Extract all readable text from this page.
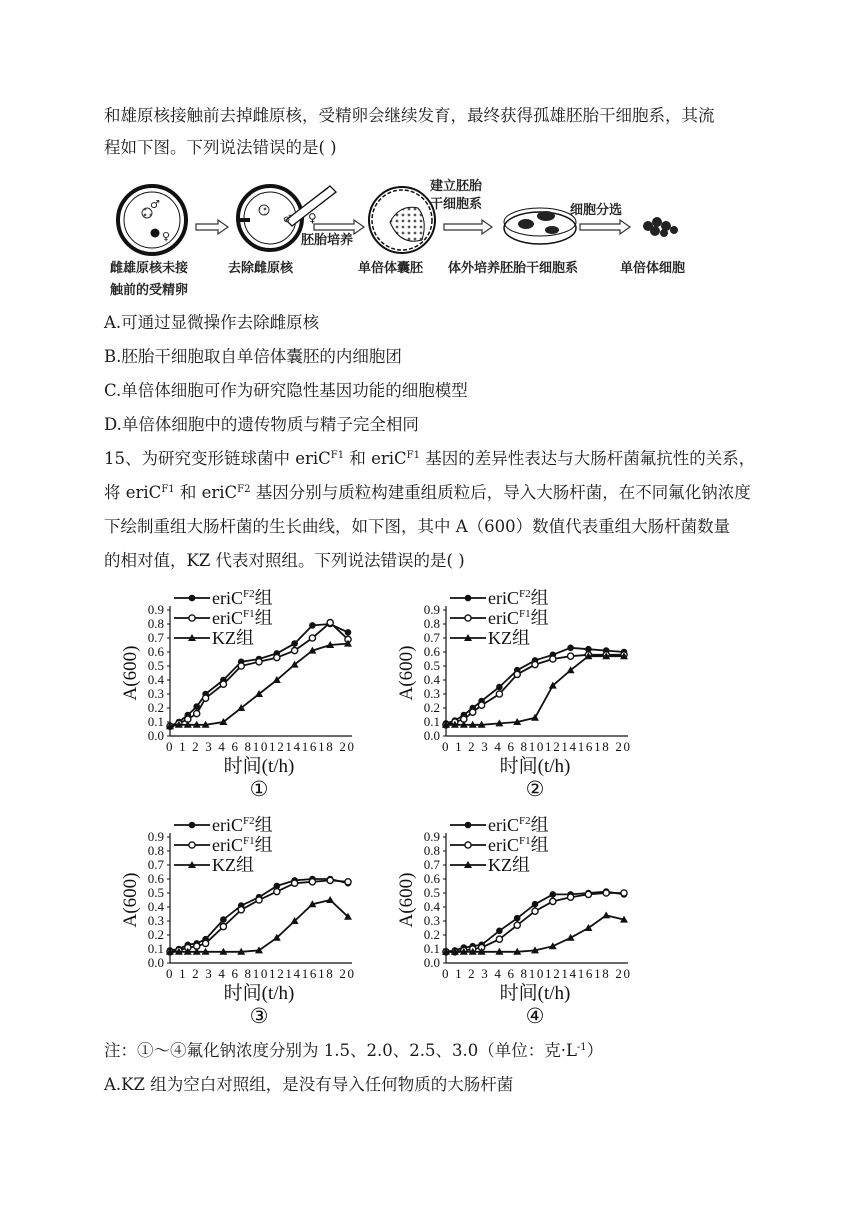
和雄原核接触前去掉雌原核，受精卵会继续发育，最终获得孤雄胚胎干细胞系，其流
程如下图。下列说法错误的是( )
♂
♀
♂ ♀
胚胎培养
建立胚胎
干细胞系	细胞分选
雌雄原核未接
触前的受精卵
去除雌原核	单倍体囊胚 体外培养胚胎干细胞系	单倍体细胞
A.可通过显微操作去除雌原核
B.胚胎干细胞取自单倍体囊胚的内细胞团
C.单倍体细胞可作为研究隐性基因功能的细胞模型
D.单倍体细胞中的遗传物质与精子完全相同
15、为研究变形链球菌中 eriC$^{F1}$ 和 eriC$^{F1}$ 基因的差异性表达与大肠杆菌氟抗性的关系，
将 eriC$^{F1}$ 和 eriC$^{F2}$ 基因分别与质粒构建重组质粒后，导入大肠杆菌，在不同氟化钠浓度
下绘制重组大肠杆菌的生长曲线，如下图，其中 A（600）数值代表重组大肠杆菌数量
的相对值，KZ 代表对照组。下列说法错误的是( )
0.0
0.1
0.2
0.3
0.4
0.5
0.6
0.7
0.8
0.9
0 1 2 3 4 6 81012141618 20
A(600)
时间(t/h)
①
eriC$^{F2}$组
eriC$^{F1}$组
KZ组
0.0
0.1
0.2
0.3
0.4
0.5
0.6
0.7
0.8
0.9
0 1 2 3 4 6 81012141618 20
A(600)
时间(t/h)
②
eriC$^{F2}$组
eriC$^{F1}$组
KZ组
0.0
0.1
0.2
0.3
0.4
0.5
0.6
0.7
0.8
0.9
0 1 2 3 4 6 81012141618 20
A(600)
时间(t/h)
③
eriC$^{F2}$组
eriC$^{F1}$组
KZ组
0.0
0.1
0.2
0.3
0.4
0.5
0.6
0.7
0.8
0.9
0 1 2 3 4 6 81012141618 20
A(600)
时间(t/h)
④
eriC$^{F2}$组
eriC$^{F1}$组
KZ组
注：①～④氟化钠浓度分别为 1.5、2.0、2.5、3.0（单位：克$\cdot L^{-1}$）
A.KZ 组为空白对照组，是没有导入任何物质的大肠杆菌
